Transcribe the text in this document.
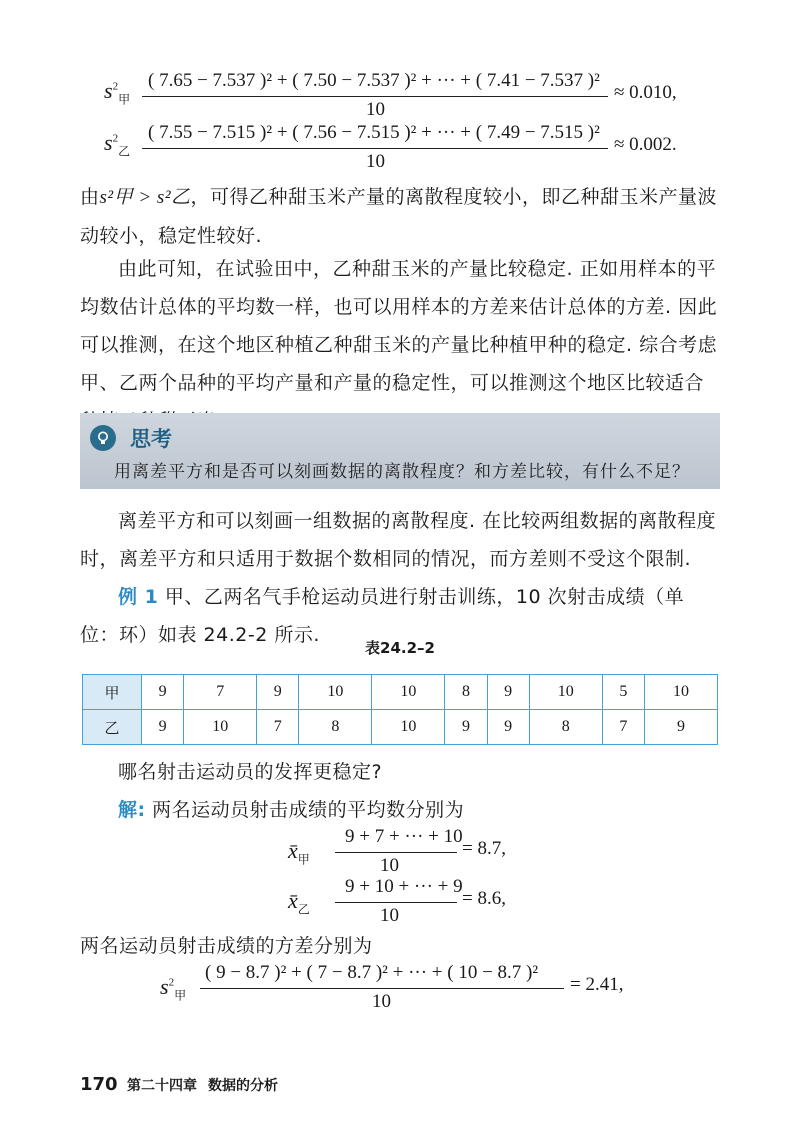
$s^2_甲$
( 7.65 − 7.537 )² + ( 7.50 − 7.537 )² + ··· + ( 7.41 − 7.537 )²
10
≈ 0.010,
$s^2_乙$
( 7.55 − 7.515 )² + ( 7.56 − 7.515 )² + ··· + ( 7.49 − 7.515 )²
10
≈ 0.002.
由s²甲 > s²乙，可得乙种甜玉米产量的离散程度较小，即乙种甜玉米产量波动较小，稳定性较好.
由此可知，在试验田中，乙种甜玉米的产量比较稳定. 正如用样本的平均数估计总体的平均数一样，也可以用样本的方差来估计总体的方差. 因此可以推测，在这个地区种植乙种甜玉米的产量比种植甲种的稳定. 综合考虑甲、乙两个品种的平均产量和产量的稳定性，可以推测这个地区比较适合
思考
用离差平方和是否可以刻画数据的离散程度？和方差比较，有什么不足？
离差平方和可以刻画一组数据的离散程度. 在比较两组数据的离散程度时，离差平方和只适用于数据个数相同的情况，而方差则不受这个限制.
例 1 甲、乙两名气手枪运动员进行射击训练，10 次射击成绩（单位：环）如表 24.2-2 所示.
表24.2–2
甲	9	7	9	10	10	8	9	10	5	10
乙	9	10	7	8	10	9	9	8	7	9
哪名射击运动员的发挥更稳定?
解: 两名运动员射击成绩的平均数分别为
$x̄_甲$
9 + 7 + ··· + 10
10
= 8.7,
$x̄_乙$
9 + 10 + ··· + 9
10
= 8.6,
两名运动员射击成绩的方差分别为
$s^2_甲$
( 9 − 8.7 )² + ( 7 − 8.7 )² + ··· + ( 10 − 8.7 )²
10
= 2.41,
170 第二十四章 数据的分析
